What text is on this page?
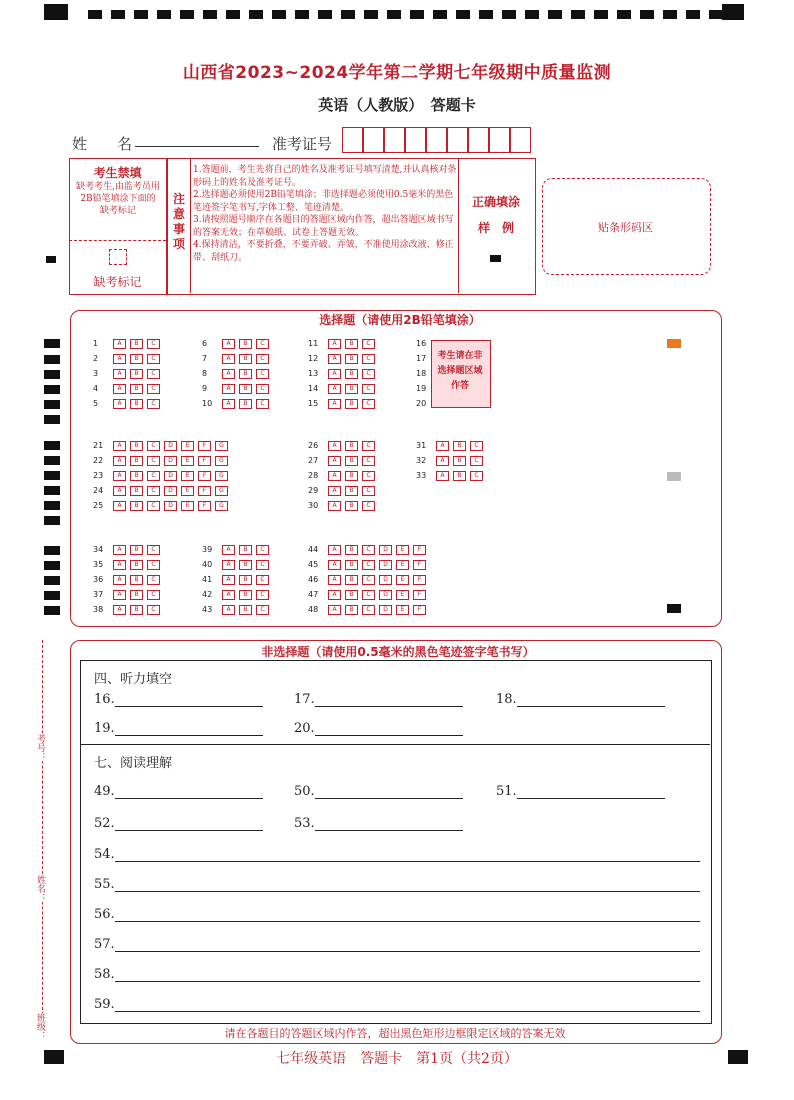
山西省2023~2024学年第二学期七年级期中质量监测
英语（人教版）　答题卡
姓　　名	准考证号
考生禁填
缺考考生,由监考员用2B铅笔填涂下面的缺考标记
缺考标记
注
意
事
项
1.答题前，考生先将自己的姓名及准考证号填写清楚,并认真核对条形码上的姓名及准考证号。
2.选择题必须使用2B铅笔填涂；非选择题必须使用0.5毫米的黑色笔迹签字笔书写,字体工整、笔迹清楚。
3.请按照题号顺序在各题目的答题区域内作答，超出答题区域书写的答案无效；在草稿纸、试卷上答题无效。
4.保持清洁，不要折叠，不要弄破、弄皱，不准使用涂改液、修正带、刮纸刀。
正确填涂
样　例	贴条形码区
选择题（请使用2B铅笔填涂）
1	A B C
2	A B C
3	A B C
4	A B C
5	A B C
6	A B C
7	A B C
8	A B C
9	A B C
10 A B C
11 A B C
12 A B C
13 A B C
14 A B C
15 A B C
16
17
18
19
20
21 A B C D E F G
22 A B C D E F G
23 A B C D E F G
24 A B C D E F G
25 A B C D E F G
26 A B C
27 A B C
28 A B C
29 A B C
30 A B C
31 A B C
32 A B C
33 A B C
34 A B C
35 A B C
36 A B C
37 A B C
38 A B C
39 A B C
40 A B C
41 A B C
42 A B C
43 A B C
44 A B C D E F
45 A B C D E F
46 A B C D E F
47 A B C D E F
48 A B C D E F
考生请在非选择题区域作答
非选择题（请使用0.5毫米的黑色笔迹签字笔书写）
四、听力填空
七、阅读理解
16.	17.	18.
19.	20.
49.	50.	51.
52.	53.
54.
55.
56.
57.
58.
59.
请在各题目的答题区域内作答，超出黑色矩形边框限定区域的答案无效
考号：
姓名：
班级：
七年级英语　答题卡　第1页（共2页）
